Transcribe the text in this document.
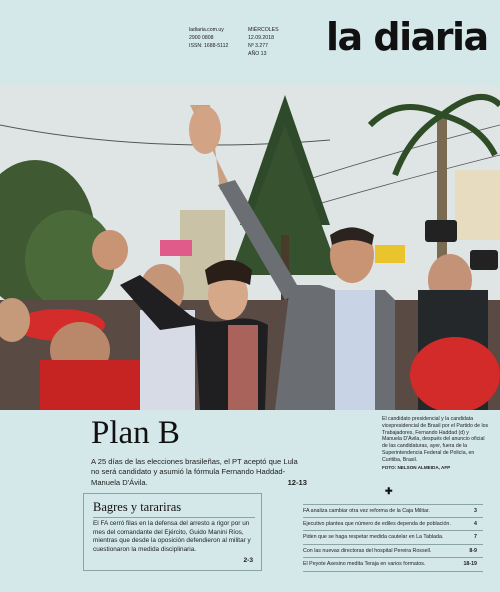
ladiaria.com.uy
2900 0808
ISSN: 1688-5112
MIÉRCOLES
12.09.2018
Nº 3.277
AÑO 13	la diaria
Plan B
A 25 días de las elecciones brasileñas, el PT aceptó que Lula no será candidato y asumió la fórmula Fernando Haddad-Manuela D'Ávila.	12-13
El candidato presidencial y la candidata vicepresidencial de Brasil por el Partido de los Trabajadores, Fernando Haddad (d) y Manuela D'Ávila, después del anuncio oficial de las candidaturas, ayer, fuera de la Superintendencia Federal de Policía, en Curitiba, Brasil.
FOTO: NELSON ALMEIDA, AFP
✚
Bagres y tarariras
El FA cerró filas en la defensa del arresto a rigor por un mes del comandante del Ejército, Guido Manini Ríos, mientras que desde la oposición defendieron al militar y cuestionaron la medida disciplinaria.
2-3
FA analiza cambiar otra vez reforma de la Caja Militar.	3
Ejecutivo plantea que número de ediles dependa de población.	4
Piden que se haga respetar medida cautelar en La Tablada.	7
Con las nuevas directoras del hospital Pereira Rossell.	8-9
El Peyote Asesino medita Teraja en varios formatos.	18-19
